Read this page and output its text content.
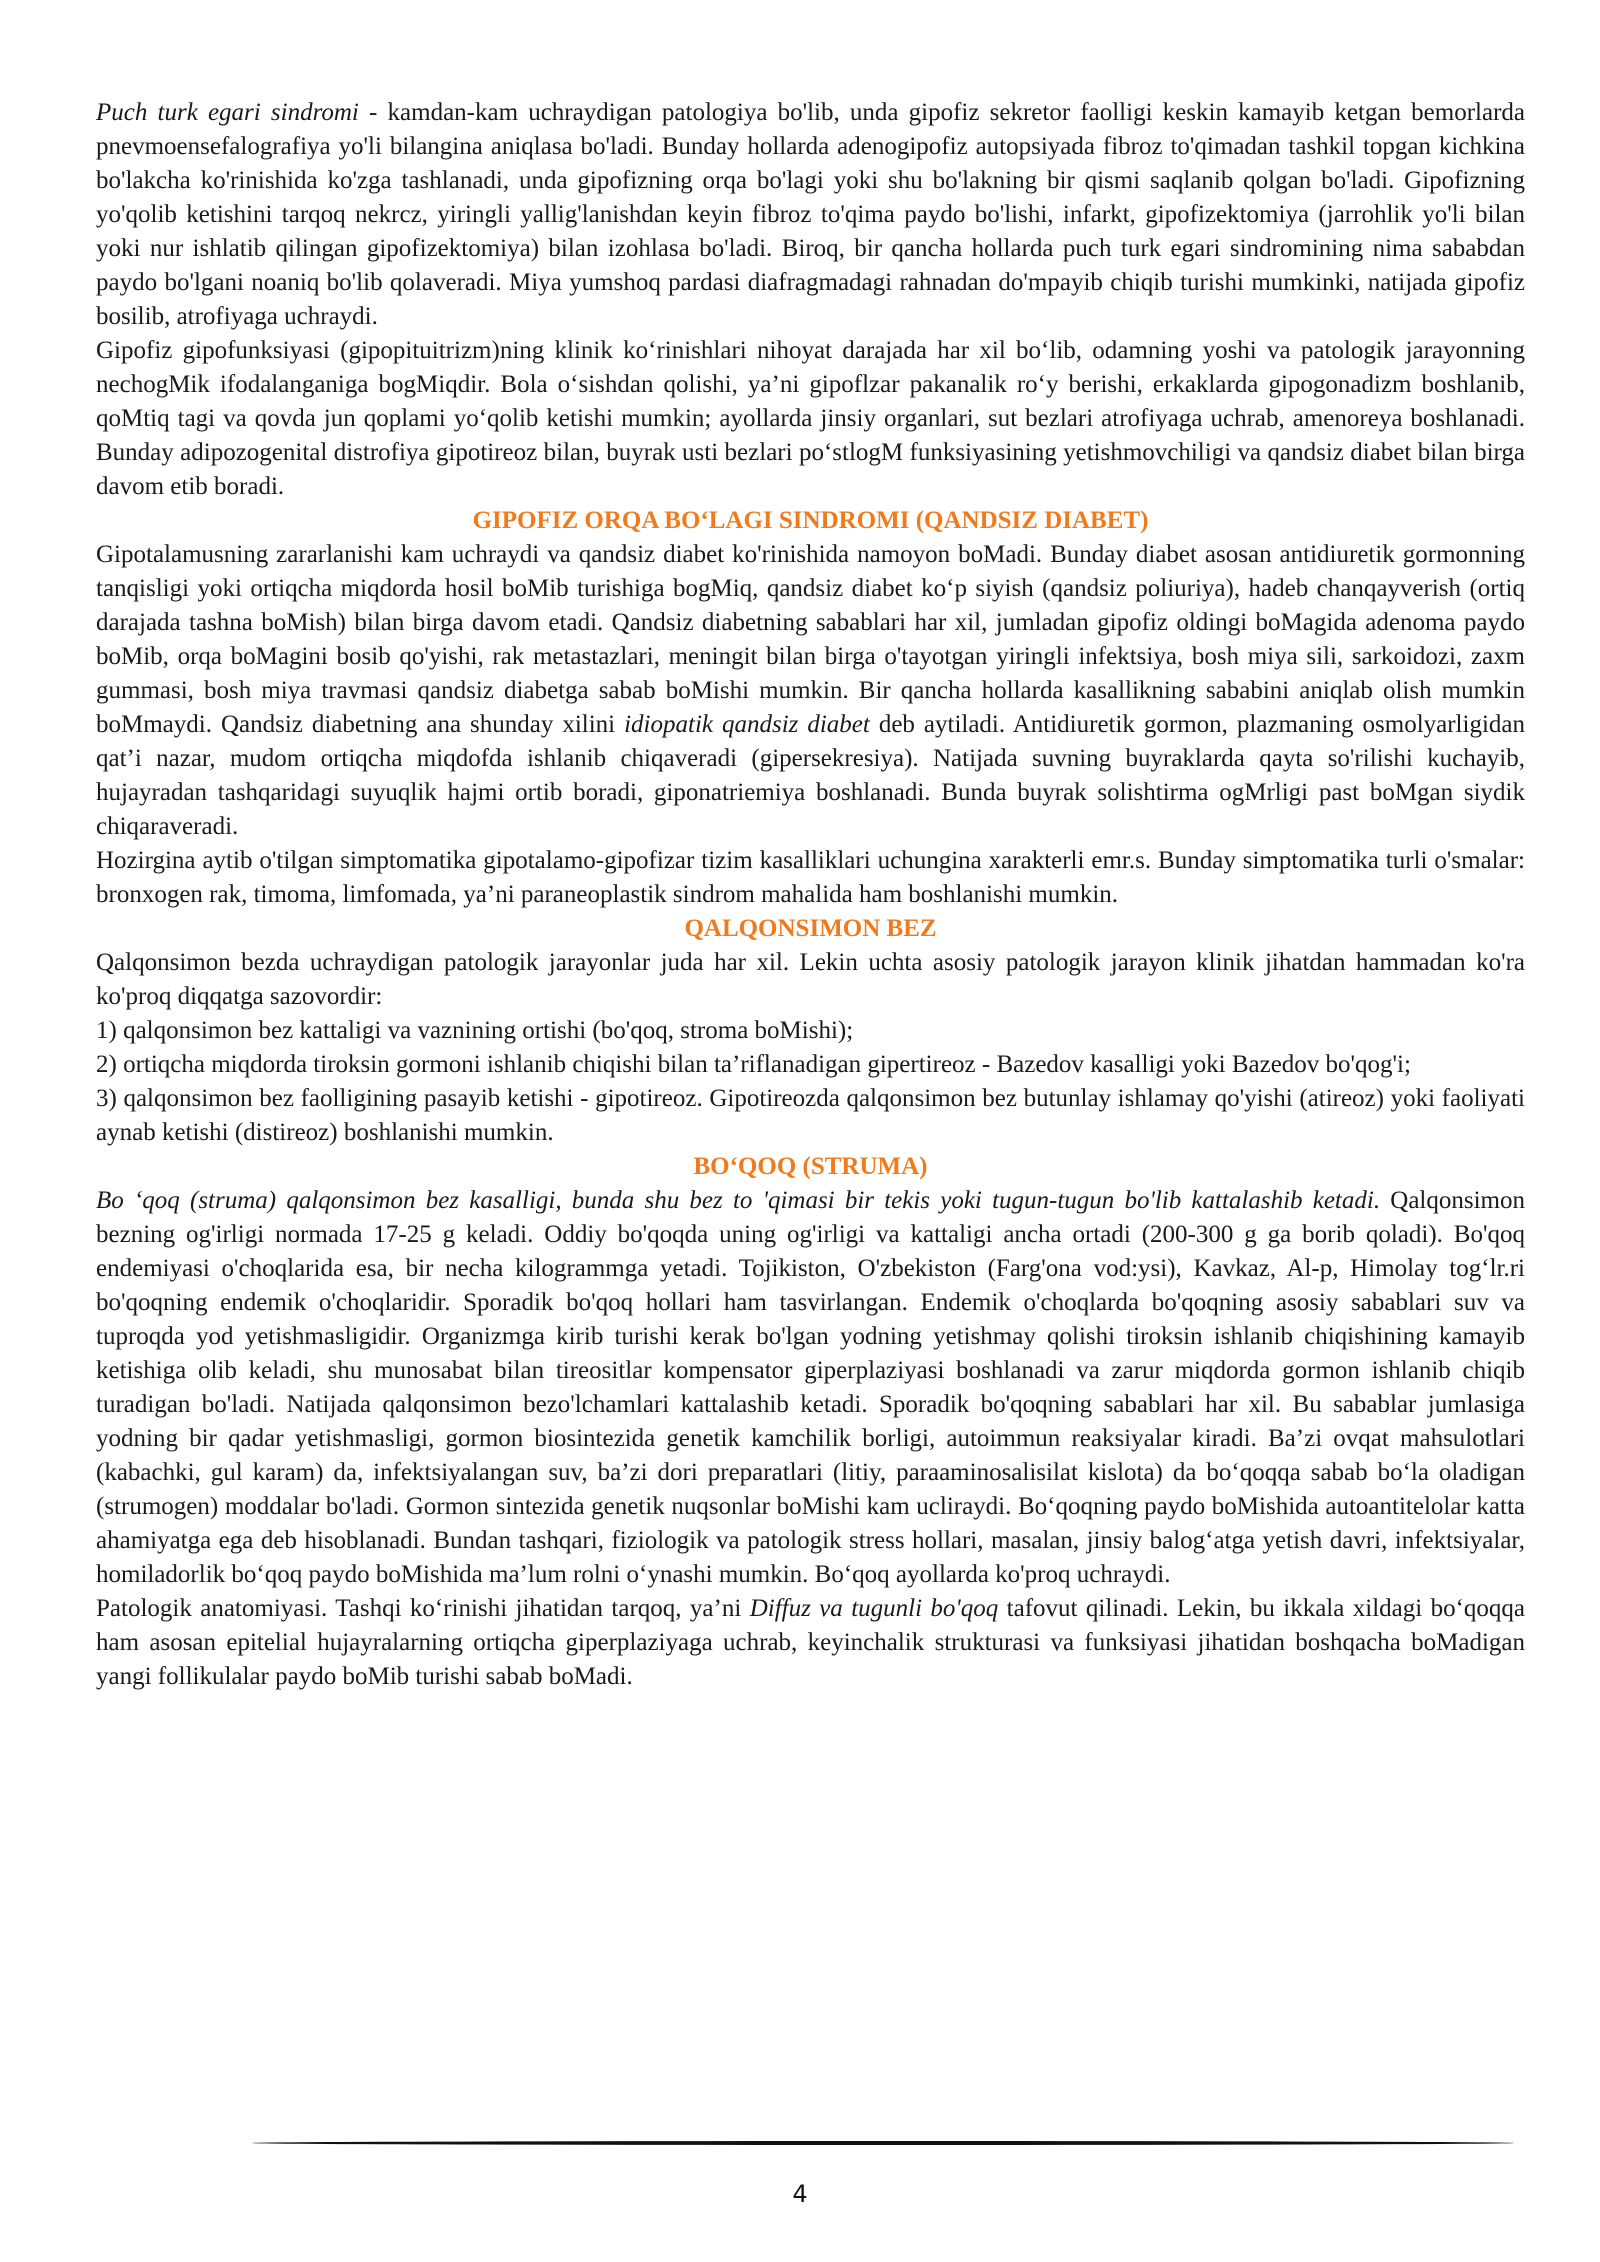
Puch turk egari sindromi - kamdan-kam uchraydigan patologiya bo'lib, unda gipofiz sekretor faolligi keskin kamayib ketgan bemorlarda pnevmoensefalografiya yo'li bilangina aniqlasa bo'ladi. Bunday hollarda adenogipofiz autopsiyada fibroz to'qimadan tashkil topgan kichkina bo'lakcha ko'rinishida ko'zga tashlanadi, unda gipofizning orqa bo'lagi yoki shu bo'lakning bir qismi saqlanib qolgan bo'ladi. Gipofizning yo'qolib ketishini tarqoq nekrcz, yiringli yallig'lanishdan keyin fibroz to'qima paydo bo'lishi, infarkt, gipofizektomiya (jarrohlik yo'li bilan yoki nur ishlatib qilingan gipofizektomiya) bilan izohlasa bo'ladi. Biroq, bir qancha hollarda puch turk egari sindromining nima sababdan paydo bo'lgani noaniq bo'lib qolaveradi. Miya yumshoq pardasi diafragmadagi rahnadan do'mpayib chiqib turishi mumkinki, natijada gipofiz bosilib, atrofiyaga uchraydi.

Gipofiz gipofunksiyasi (gipopituitrizm)ning klinik ko‘rinishlari nihoyat darajada har xil bo‘lib, odamning yoshi va patologik jarayonning nechogMik ifodalanganiga bogMiqdir. Bola o‘sishdan qolishi, ya’ni gipoflzar pakanalik ro‘y berishi, erkaklarda gipogonadizm boshlanib, qoMtiq tagi va qovda jun qoplami yo‘qolib ketishi mumkin; ayollarda jinsiy organlari, sut bezlari atrofiyaga uchrab, amenoreya boshlanadi. Bunday adipozogenital distrofiya gipotireoz bilan, buyrak usti bezlari po‘stlogM funksiyasining yetishmovchiligi va qandsiz diabet bilan birga davom etib boradi.

GIPOFIZ ORQA BO‘LAGI SINDROMI (QANDSIZ DIABET)

Gipotalamusning zararlanishi kam uchraydi va qandsiz diabet ko'rinishida namoyon boMadi. Bunday diabet asosan antidiuretik gormonning tanqisligi yoki ortiqcha miqdorda hosil boMib turishiga bogMiq, qandsiz diabet ko‘p siyish (qandsiz poliuriya), hadeb chanqayverish (ortiq darajada tashna boMish) bilan birga davom etadi. Qandsiz diabetning sabablari har xil, jumladan gipofiz oldingi boMagida adenoma paydo boMib, orqa boMagini bosib qo'yishi, rak metastazlari, meningit bilan birga o'tayotgan yiringli infektsiya, bosh miya sili, sarkoidozi, zaxm gummasi, bosh miya travmasi qandsiz diabetga sabab boMishi mumkin. Bir qancha hollarda kasallikning sababini aniqlab olish mumkin boMmaydi. Qandsiz diabetning ana shunday xilini idiopatik qandsiz diabet deb aytiladi. Antidiuretik gormon, plazmaning osmolyarligidan qat’i nazar, mudom ortiqcha miqdofda ishlanib chiqaveradi (gipersekresiya). Natijada suvning buyraklarda qayta so'rilishi kuchayib, hujayradan tashqaridagi suyuqlik hajmi ortib boradi, giponatriemiya boshlanadi. Bunda buyrak solishtirma ogMrligi past boMgan siydik chiqaraveradi.

Hozirgina aytib o'tilgan simptomatika gipotalamo-gipofizar tizim kasalliklari uchungina xarakterli emr.s. Bunday simptomatika turli o'smalar: bronxogen rak, timoma, limfomada, ya’ni paraneoplastik sindrom mahalida ham boshlanishi mumkin.

QALQONSIMON BEZ

Qalqonsimon bezda uchraydigan patologik jarayonlar juda har xil. Lekin uchta asosiy patologik jarayon klinik jihatdan hammadan ko'ra ko'proq diqqatga sazovordir:

1) qalqonsimon bez kattaligi va vaznining ortishi (bo'qoq, stroma boMishi);

2) ortiqcha miqdorda tiroksin gormoni ishlanib chiqishi bilan ta’riflanadigan gipertireoz - Bazedov kasalligi yoki Bazedov bo'qog'i;

3) qalqonsimon bez faolligining pasayib ketishi - gipotireoz. Gipotireozda qalqonsimon bez butunlay ishlamay qo'yishi (atireoz) yoki faoliyati aynab ketishi (distireoz) boshlanishi mumkin.

BO‘QOQ (STRUMA)

Bo ‘qoq (struma) qalqonsimon bez kasalligi, bunda shu bez to 'qimasi bir tekis yoki tugun-tugun bo'lib kattalashib ketadi. Qalqonsimon bezning og'irligi normada 17-25 g keladi. Oddiy bo'qoqda uning og'irligi va kattaligi ancha ortadi (200-300 g ga borib qoladi). Bo'qoq endemiyasi o'choqlarida esa, bir necha kilogrammga yetadi. Tojikiston, O'zbekiston (Farg'ona vod:ysi), Kavkaz, Al-p, Himolay tog‘lr.ri bo'qoqning endemik o'choqlaridir. Sporadik bo'qoq hollari ham tasvirlangan. Endemik o'choqlarda bo'qoqning asosiy sabablari suv va tuproqda yod yetishmasligidir. Organizmga kirib turishi kerak bo'lgan yodning yetishmay qolishi tiroksin ishlanib chiqishining kamayib ketishiga olib keladi, shu munosabat bilan tireositlar kompensator giperplaziyasi boshlanadi va zarur miqdorda gormon ishlanib chiqib turadigan bo'ladi. Natijada qalqonsimon bezo'lchamlari kattalashib ketadi. Sporadik bo'qoqning sabablari har xil. Bu sabablar jumlasiga yodning bir qadar yetishmasligi, gormon biosintezida genetik kamchilik borligi, autoimmun reaksiyalar kiradi. Ba’zi ovqat mahsulotlari (kabachki, gul karam) da, infektsiyalangan suv, ba’zi dori preparatlari (litiy, paraaminosalisilat kislota) da bo‘qoqqa sabab bo‘la oladigan (strumogen) moddalar bo'ladi. Gormon sintezida genetik nuqsonlar boMishi kam ucliraydi. Bo‘qoqning paydo boMishida autoantitelolar katta ahamiyatga ega deb hisoblanadi. Bundan tashqari, fiziologik va patologik stress hollari, masalan, jinsiy balog‘atga yetish davri, infektsiyalar, homiladorlik bo‘qoq paydo boMishida ma’lum rolni o‘ynashi mumkin. Bo‘qoq ayollarda ko'proq uchraydi.

Patologik anatomiyasi. Tashqi ko‘rinishi jihatidan tarqoq, ya’ni Diffuz va tugunli bo'qoq tafovut qilinadi. Lekin, bu ikkala xildagi bo‘qoqqa ham asosan epitelial hujayralarning ortiqcha giperplaziyaga uchrab, keyinchalik strukturasi va funksiyasi jihatidan boshqacha boMadigan yangi follikulalar paydo boMib turishi sabab boMadi.

4
